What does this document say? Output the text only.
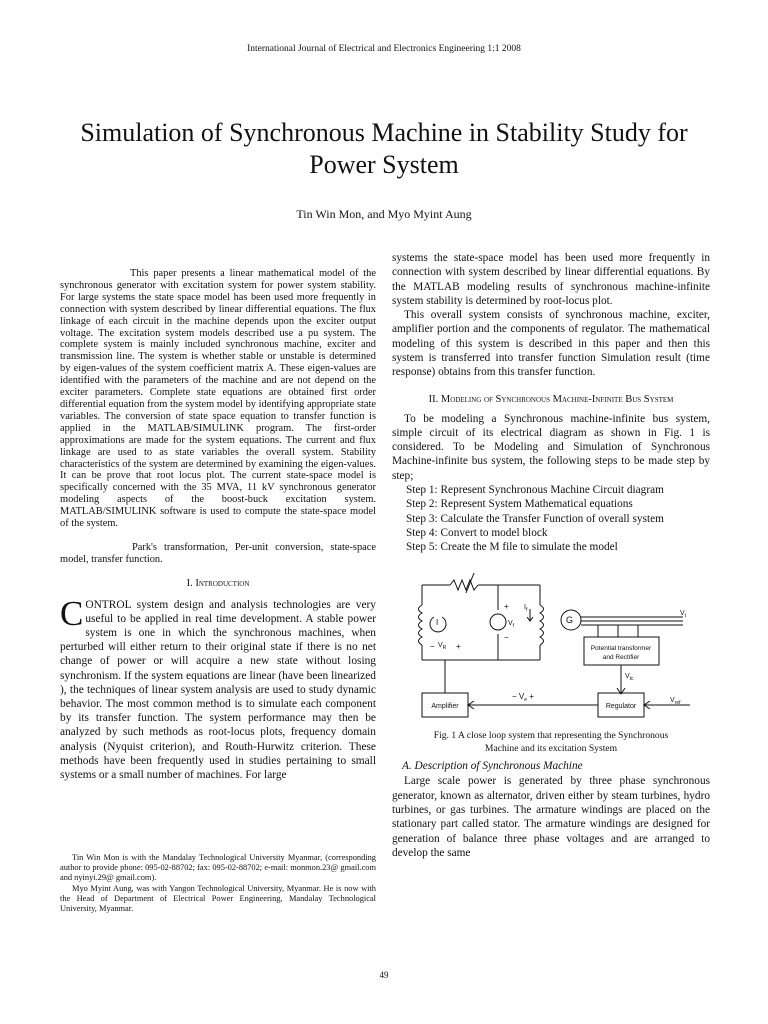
International Journal of Electrical and Electronics Engineering 1:1 2008
Simulation of Synchronous Machine in Stability Study for Power System
Tin Win Mon, and Myo Myint Aung

This paper presents a linear mathematical model of the synchronous generator with excitation system for power system stability. For large systems the state space model has been used more frequently in connection with system described by linear differential equations. The flux linkage of each circuit in the machine depends upon the exciter output voltage. The excitation system models described use a pu system. The complete system is mainly included synchronous machine, exciter and transmission line. The system is whether stable or unstable is determined by eigen-values of the system coefficient matrix A. These eigen-values are identified with the parameters of the machine and are not depend on the exciter parameters. Complete state equations are obtained first order differential equation from the system model by identifying appropriate state variables. The conversion of state space equation to transfer function is applied in the MATLAB/SIMULINK program. The first-order approximations are made for the system equations. The current and flux linkage are used to as state variables the overall system. Stability characteristics of the system are determined by examining the eigen-values. It can be prove that root locus plot. The current state-space model is specifically concerned with the 35 MVA, 11 kV synchronous generator modeling aspects of the boost-buck excitation system. MATLAB/SIMULINK software is used to compute the state-space model of the system.

Park's transformation, Per-unit conversion, state-space model, transfer function.

I. Introduction

CONTROL system design and analysis technologies are very useful to be applied in real time development. A stable power system is one in which the synchronous machines, when perturbed will either return to their original state if there is no net change of power or will acquire a new state without losing synchronism. If the system equations are linear (have been linearized ), the techniques of linear system analysis are used to study dynamic behavior. The most common method is to simulate each component by its transfer function. The system performance may then be analyzed by such methods as root-locus plots, frequency domain analysis (Nyquist criterion), and Routh-Hurwitz criterion. These methods have been frequently used in studies pertaining to small systems or a small number of machines. For large

Tin Win Mon is with the Mandalay Technological University Myanmar, (corresponding author to provide phone: 095-02-88702; fax: 095-02-88702; e-mail: monmon.23@ gmail.com and nyinyi.29@ gmail.com).

Myo Myint Aung, was with Yangon Technological University, Myanmar. He is now with the Head of Department of Electrical Power Engineering, Mandalay Technological University, Myanmar.

systems the state-space model has been used more frequently in connection with system described by linear differential equations. By the MATLAB modeling results of synchronous machine-infinite system stability is determined by root-locus plot.

This overall system consists of synchronous machine, exciter, amplifier portion and the components of regulator. The mathematical modeling of this system is described in this paper and then this system is transferred into transfer function Simulation result (time response) obtains from this transfer function.

II. Modeling of Synchronous Machine-Infinite Bus System

To be modeling a Synchronous machine-infinite bus system, simple circuit of its electrical diagram as shown in Fig. 1 is considered. To be Modeling and Simulation of Synchronous Machine-infinite bus system, the following steps to be made step by step;

Step 1: Represent Synchronous Machine Circuit diagram
Step 2: Represent System Mathematical equations
Step 3: Calculate the Transfer Function of overall system
Step 4: Convert to model block
Step 5: Create the M file to simulate the model
G
I	$V_f$
+
−
$I_f$
− $V_R$ +
$V_t$
Potential transformer
and Rectifier
$V_{tc}$
Regulator
Amplifier
$V_{ref}$
− $V_e$ +
Fig. 1 A close loop system that representing the Synchronous
Machine and its excitation System

A. Description of Synchronous Machine

Large scale power is generated by three phase synchronous generator, known as alternator, driven either by steam turbines, hydro turbines, or gas turbines. The armature windings are placed on the stationary part called stator. The armature windings are designed for generation of balance three phase voltages and are arranged to develop the same

49
